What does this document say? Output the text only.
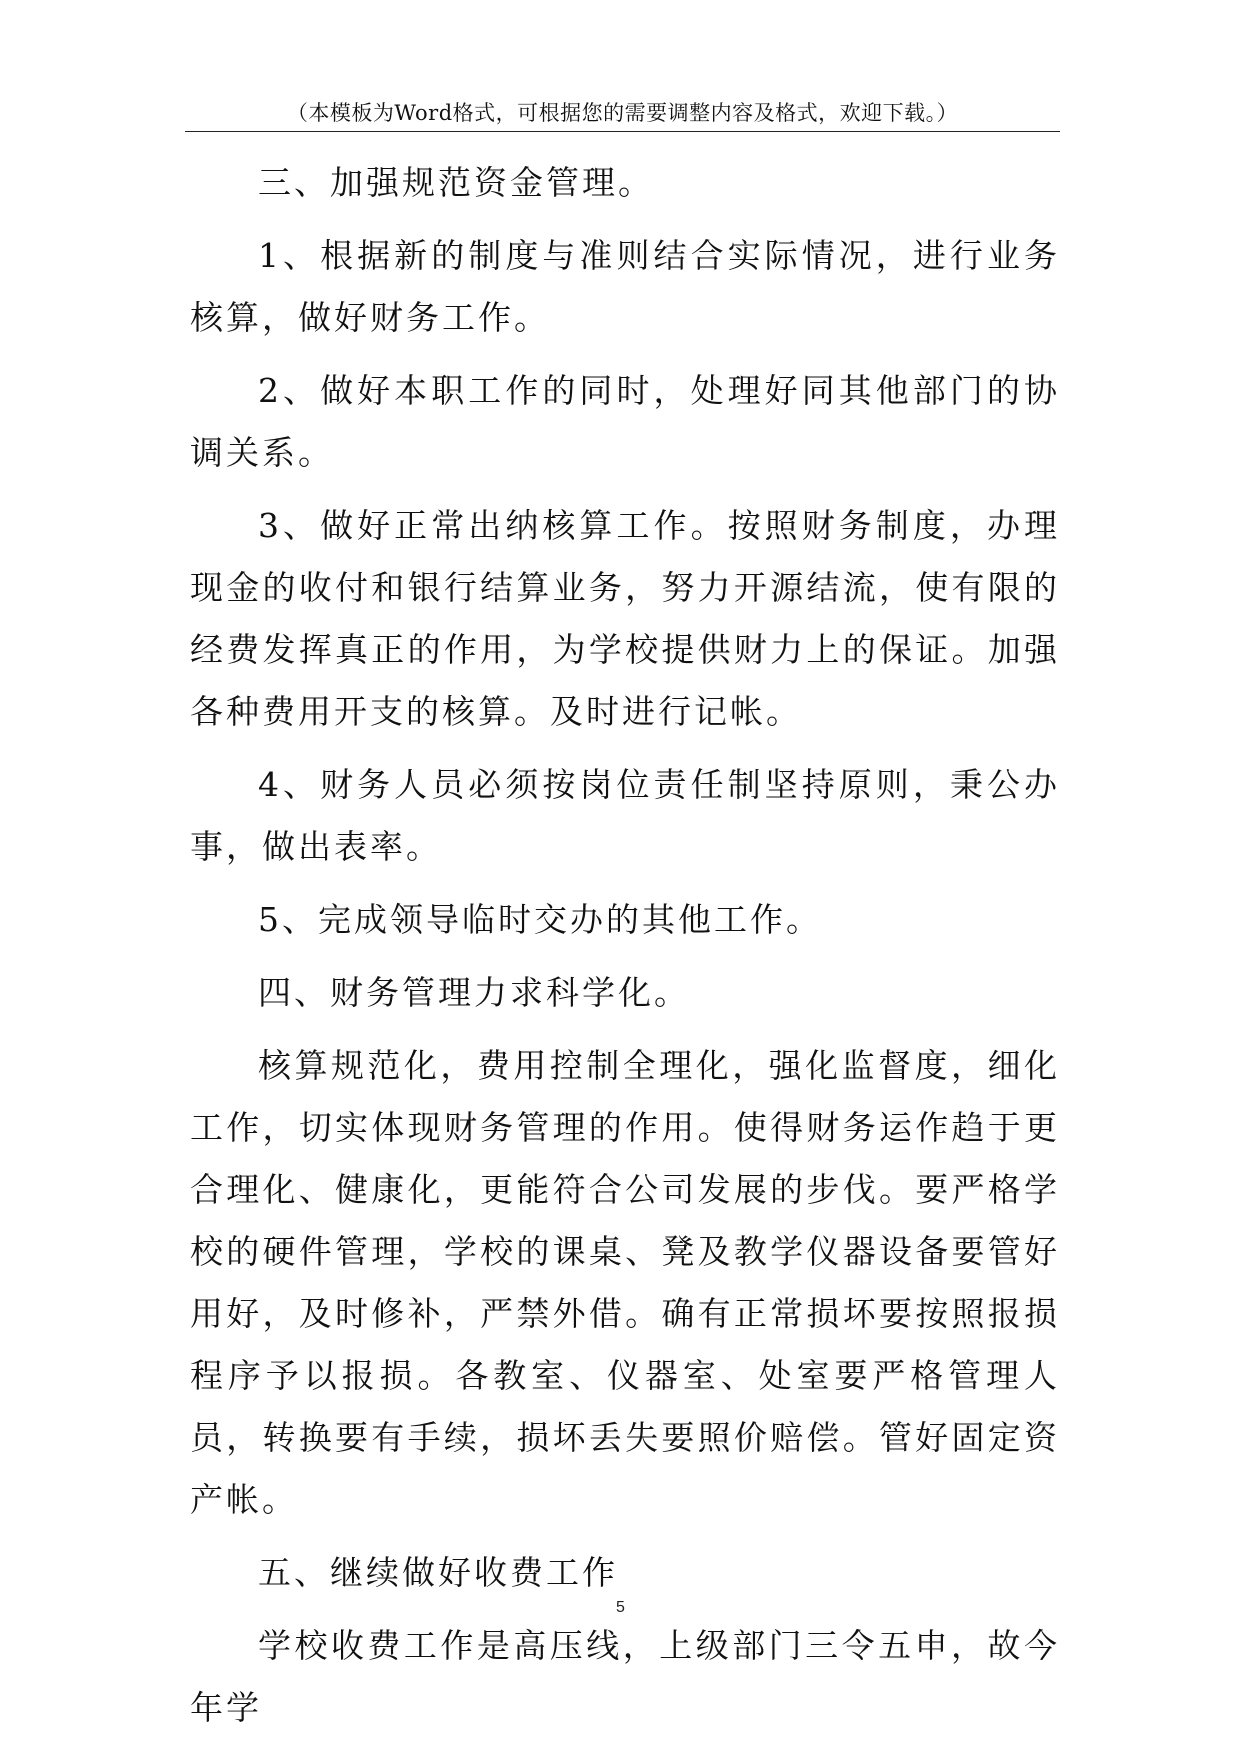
（本模板为Word格式，可根据您的需要调整内容及格式，欢迎下载。）

三、加强规范资金管理。

1、根据新的制度与准则结合实际情况，进行业务核算，做好财务工作。

2、做好本职工作的同时，处理好同其他部门的协调关系。

3、做好正常出纳核算工作。按照财务制度，办理现金的收付和银行结算业务，努力开源结流，使有限的经费发挥真正的作用，为学校提供财力上的保证。加强各种费用开支的核算。及时进行记帐。

4、财务人员必须按岗位责任制坚持原则，秉公办事，做出表率。

5、完成领导临时交办的其他工作。

四、财务管理力求科学化。

核算规范化，费用控制全理化，强化监督度，细化工作，切实体现财务管理的作用。使得财务运作趋于更合理化、健康化，更能符合公司发展的步伐。要严格学校的硬件管理，学校的课桌、凳及教学仪器设备要管好用好，及时修补，严禁外借。确有正常损坏要按照报损程序予以报损。各教室、仪器室、处室要严格管理人员，转换要有手续，损坏丢失要照价赔偿。管好固定资产帐。

五、继续做好收费工作

学校收费工作是高压线，上级部门三令五申，故今年学

5
